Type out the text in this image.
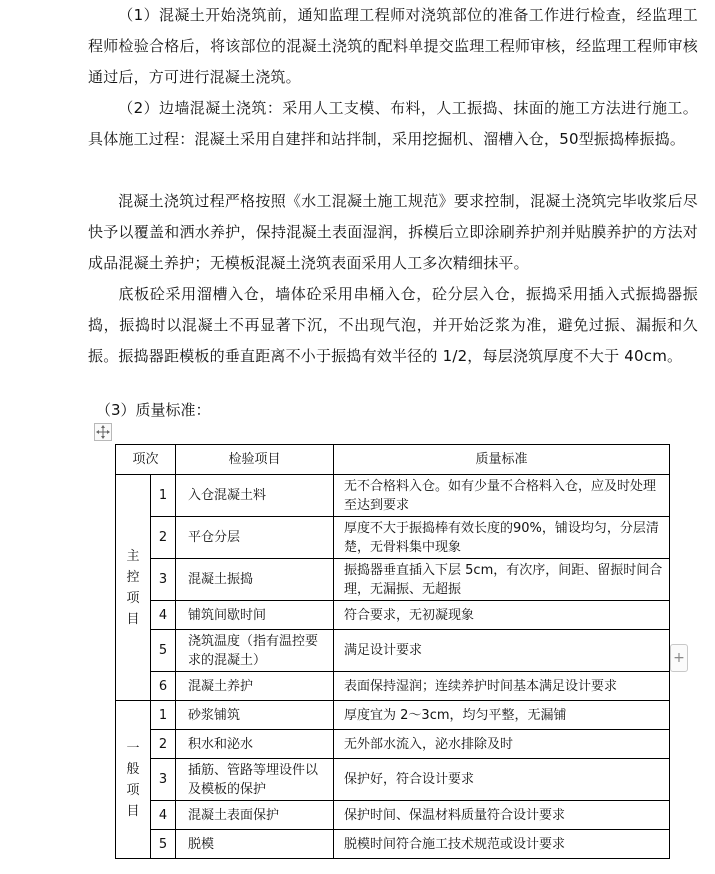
（1）混凝土开始浇筑前，通知监理工程师对浇筑部位的准备工作进行检查，经监理工程师检验合格后，将该部位的混凝土浇筑的配料单提交监理工程师审核，经监理工程师审核通过后，方可进行混凝土浇筑。

（2）边墙混凝土浇筑：采用人工支模、布料，人工振捣、抹面的施工方法进行施工。具体施工过程：混凝土采用自建拌和站拌制，采用挖掘机、溜槽入仓，50型振捣棒振捣。

混凝土浇筑过程严格按照《水工混凝土施工规范》要求控制，混凝土浇筑完毕收浆后尽快予以覆盖和洒水养护，保持混凝土表面湿润，拆模后立即涂刷养护剂并贴膜养护的方法对成品混凝土养护；无模板混凝土浇筑表面采用人工多次精细抹平。

底板砼采用溜槽入仓，墙体砼采用串桶入仓，砼分层入仓，振捣采用插入式振捣器振捣，振捣时以混凝土不再显著下沉，不出现气泡，并开始泛浆为准，避免过振、漏振和久振。振捣器距模板的垂直距离不小于振捣有效半径的 1/2，每层浇筑厚度不大于 40cm。

（3）质量标准：

项次		检验项目	质量标准

主
控
项
目	1	入仓混凝土料	无不合格料入仓。如有少量不合格料入仓，应及时处理至达到要求
	2	平仓分层	厚度不大于振捣棒有效长度的90%，铺设均匀，分层清楚，无骨料集中现象
	3	混凝土振捣	振捣器垂直插入下层 5cm，有次序，间距、留振时间合理，无漏振、无超振
	4	铺筑间歇时间	符合要求，无初凝现象
	5	浇筑温度（指有温控要求的混凝土）	满足设计要求
	6	混凝土养护	表面保持湿润；连续养护时间基本满足设计要求

一
般
项
目	1	砂浆铺筑	厚度宜为 2～3cm，均匀平整，无漏铺
	2	积水和泌水	无外部水流入，泌水排除及时
	3	插筋、管路等埋设件以及模板的保护	保护好，符合设计要求
	4	混凝土表面保护	保护时间、保温材料质量符合设计要求
	5	脱模	脱模时间符合施工技术规范或设计要求
+
